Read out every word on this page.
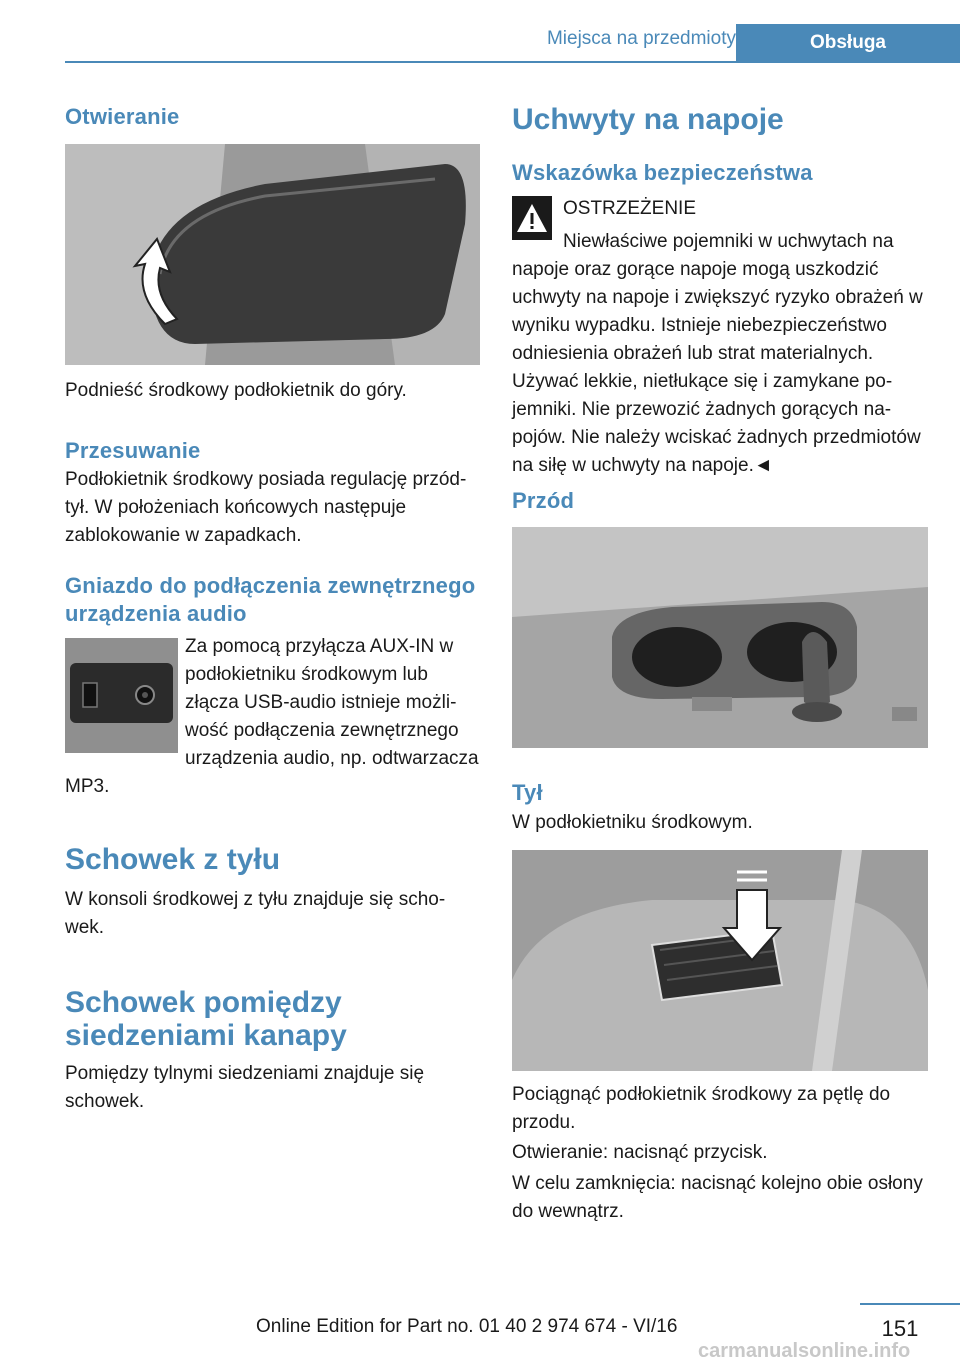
Miejsca na przedmioty	Obsługa
Otwieranie
Podnieść środkowy podłokietnik do góry.
Przesuwanie
Podłokietnik środkowy posiada regulację przód-tył. W położeniach końcowych następuje zablokowanie w zapadkach.
Gniazdo do podłączenia zewnętrznego urządzenia audio
Za pomocą przyłącza AUX-IN w podłokietniku środkowym lub złącza USB-audio istnieje możliwość podłączenia zewnętrznego urządzenia audio, np. odtwarzacza MP3.
Schowek z tyłu
W konsoli środkowej z tyłu znajduje się schowek.
Schowek pomiędzy siedzeniami kanapy
Pomiędzy tylnymi siedzeniami znajduje się schowek.
Uchwyty na napoje
Wskazówka bezpieczeństwa
OSTRZEŻENIE
Niewłaściwe pojemniki w uchwytach na napoje oraz gorące napoje mogą uszkodzić uchwyty na napoje i zwiększyć ryzyko obrażeń w wyniku wypadku. Istnieje niebezpieczeństwo odniesienia obrażeń lub strat materialnych. Używać lekkie, nietłukące się i zamykane pojemniki. Nie przewozić żadnych gorących napojów. Nie należy wciskać żadnych przedmiotów na siłę w uchwyty na napoje.◄
Przód
Tył
W podłokietniku środkowym.
Pociągnąć podłokietnik środkowy za pętlę do przodu.
Otwieranie: nacisnąć przycisk.
W celu zamknięcia: nacisnąć kolejno obie osłony do wewnątrz.
151
Online Edition for Part no. 01 40 2 974 674 - VI/16
carmanualsonline.info
